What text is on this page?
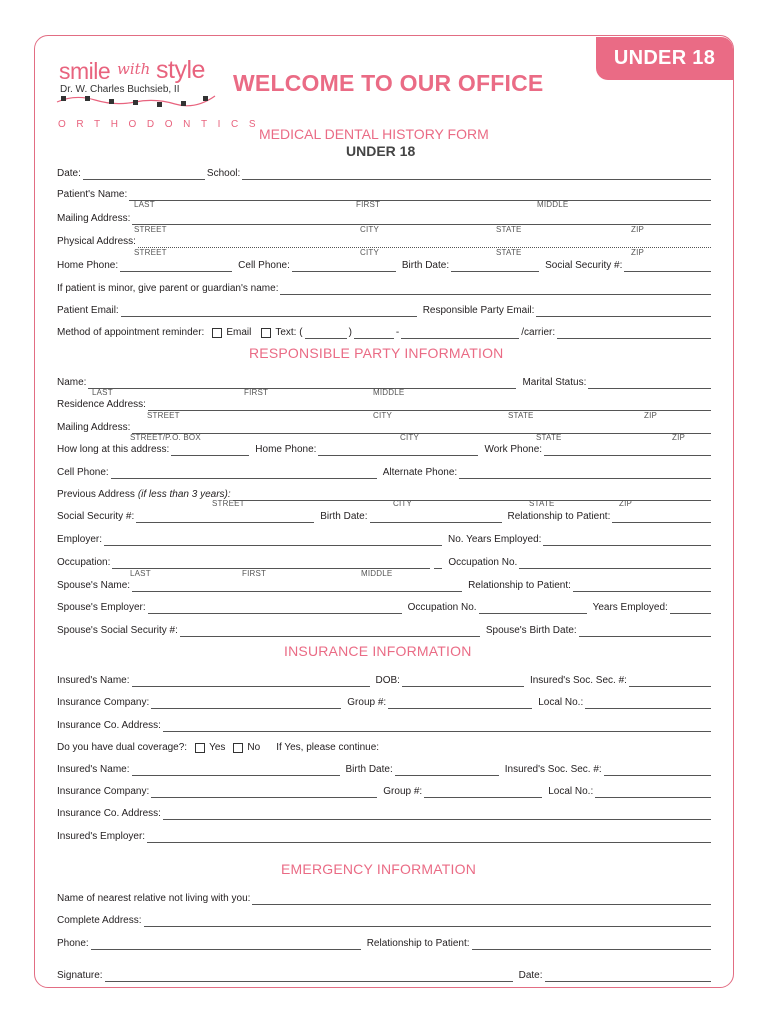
UNDER 18
smile with style
Dr. W. Charles Buchsieb, II
ORTHODONTICS
WELCOME TO OUR OFFICE
MEDICAL DENTAL HISTORY FORM
UNDER 18
Date:	School:
Patient's Name:
LAST	FIRST	MIDDLE
Mailing Address:
STREET	CITY	STATE	ZIP
Physical Address:
STREET	CITY	STATE	ZIP
Home Phone:	Cell Phone:	Birth Date:	Social Security #:
If patient is minor, give parent or guardian's name:
Patient Email:	Responsible Party Email:
Method of appointment reminder: Email Text: (	)	-	/carrier:
RESPONSIBLE PARTY INFORMATION
Name:	Marital Status:
LAST	FIRST	MIDDLE
Residence Address:
STREET	CITY	STATE	ZIP
Mailing Address:
STREET/P.O. BOX	CITY	STATE	ZIP
How long at this address:	Home Phone:	Work Phone:
Cell Phone:	Alternate Phone:
Previous Address (if less than 3 years):
STREET	CITY	STATE	ZIP
Social Security #:	Birth Date:	Relationship to Patient:
Employer:	No. Years Employed:
Occupation:	Occupation No.
LAST	FIRST	MIDDLE
Spouse's Name:	Relationship to Patient:
Spouse's Employer:	Occupation No.	Years Employed:
Spouse's Social Security #:	Spouse's Birth Date:
INSURANCE INFORMATION
Insured's Name:	DOB:	Insured's Soc. Sec. #:
Insurance Company:	Group #:	Local No.:
Insurance Co. Address:
Do you have dual coverage?: Yes No If Yes, please continue:
Insured's Name:	Birth Date:	Insured's Soc. Sec. #:
Insurance Company:	Group #:	Local No.:
Insurance Co. Address:
Insured's Employer:
EMERGENCY INFORMATION
Name of nearest relative not living with you:
Complete Address:
Phone:	Relationship to Patient:
Signature:	Date:
